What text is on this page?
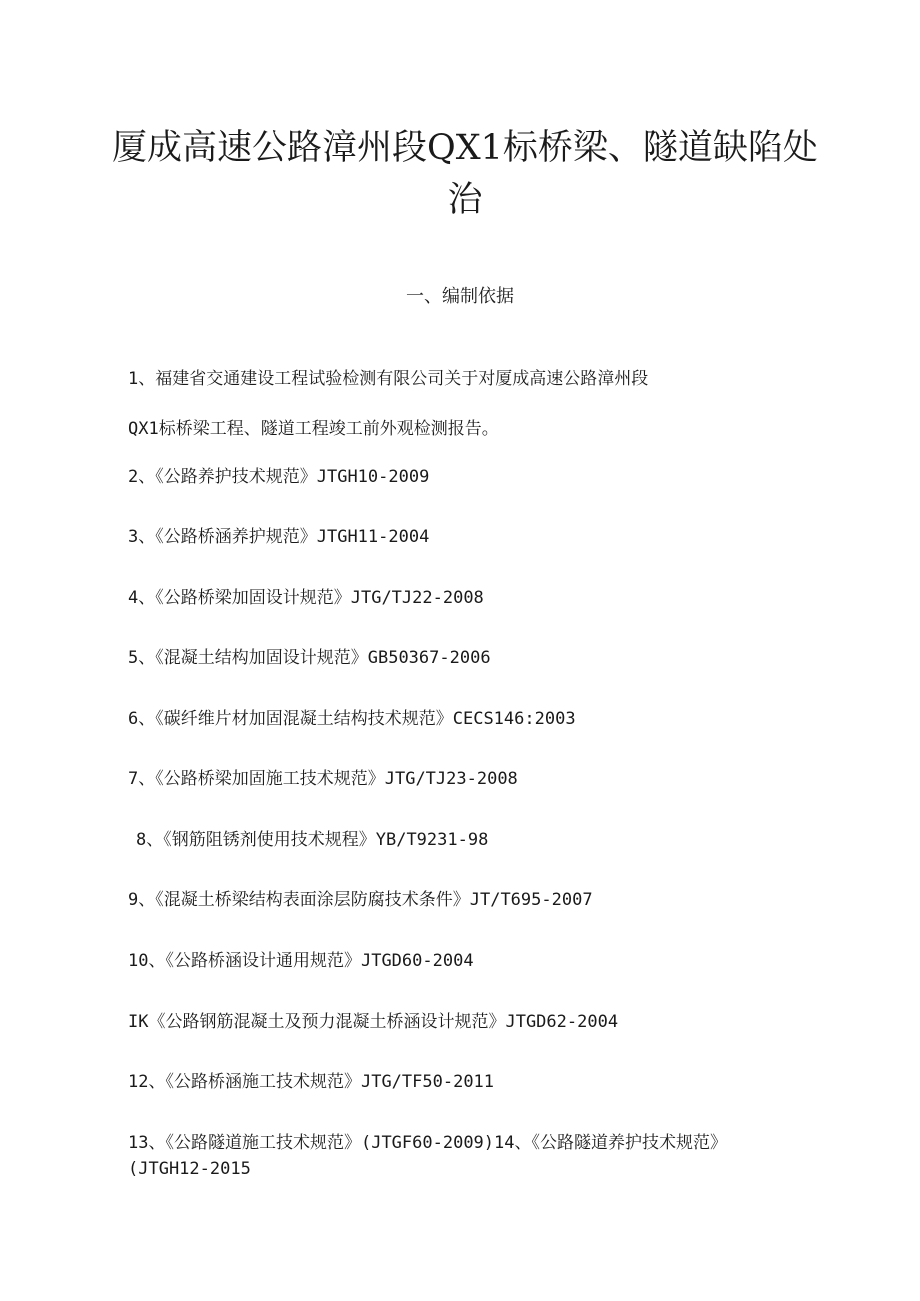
厦成高速公路漳州段QX1标桥梁、隧道缺陷处治
一、编制依据

1、福建省交通建设工程试验检测有限公司关于对厦成高速公路漳州段

QX1标桥梁工程、隧道工程竣工前外观检测报告。

2、《公路养护技术规范》JTGH10-2009

3、《公路桥涵养护规范》JTGH11-2004

4、《公路桥梁加固设计规范》JTG/TJ22-2008

5、《混凝土结构加固设计规范》GB50367-2006

6、《碳纤维片材加固混凝土结构技术规范》CECS146:2003

7、《公路桥梁加固施工技术规范》JTG/TJ23-2008

8、《钢筋阻锈剂使用技术规程》YB/T9231-98

9、《混凝土桥梁结构表面涂层防腐技术条件》JT/T695-2007

10、《公路桥涵设计通用规范》JTGD60-2004

IK《公路钢筋混凝土及预力混凝土桥涵设计规范》JTGD62-2004

12、《公路桥涵施工技术规范》JTG/TF50-2011

13、《公路隧道施工技术规范》(JTGF60-2009)14、《公路隧道养护技术规范》(JTGH12-2015
